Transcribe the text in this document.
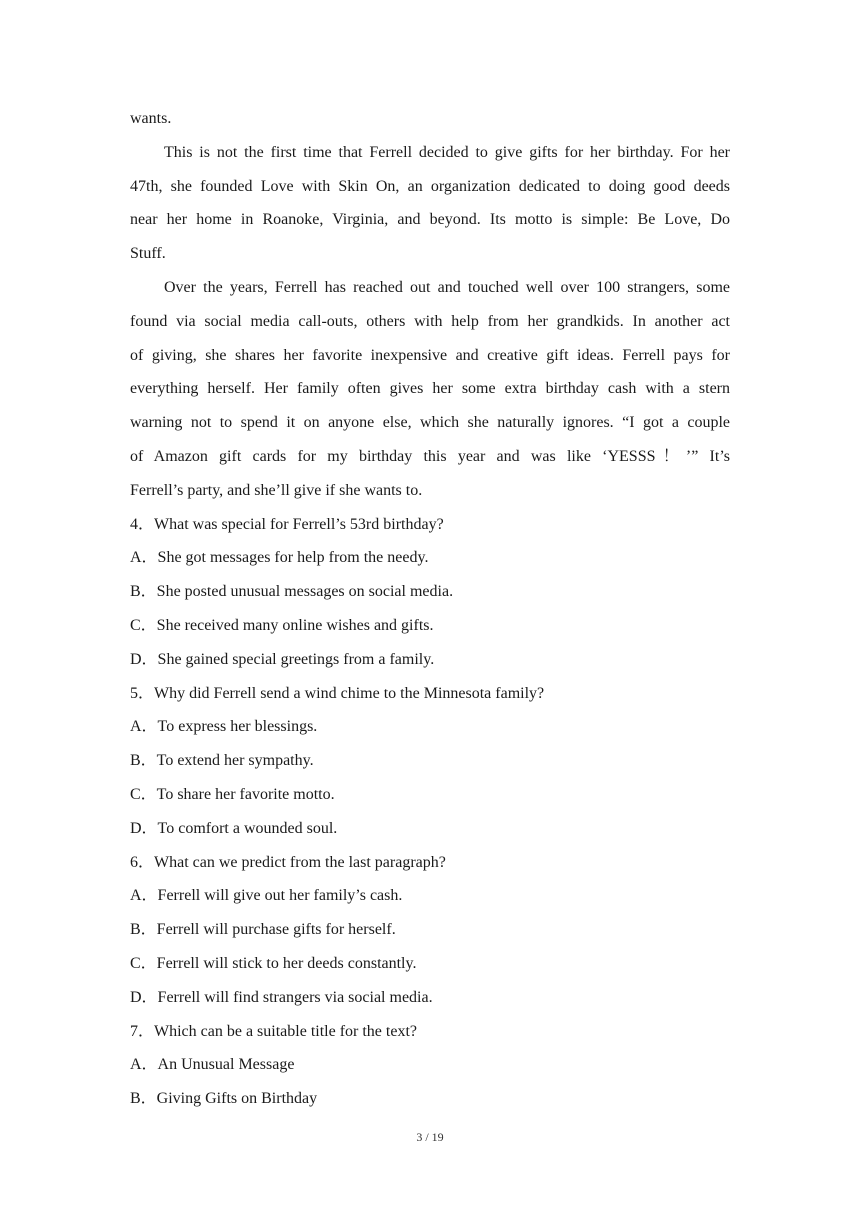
wants.

This is not the first time that Ferrell decided to give gifts for her birthday. For her

47th, she founded Love with Skin On, an organization dedicated to doing good deeds

near her home in Roanoke, Virginia, and beyond. Its motto is simple: Be Love, Do

Stuff.

Over the years, Ferrell has reached out and touched well over 100 strangers, some

found via social media call-outs, others with help from her grandkids. In another act

of giving, she shares her favorite inexpensive and creative gift ideas. Ferrell pays for

everything herself. Her family often gives her some extra birthday cash with a stern

warning not to spend it on anyone else, which she naturally ignores. “I got a couple

of Amazon gift cards for my birthday this year and was like ‘YESSS！’” It’s

Ferrell’s party, and she’ll give if she wants to.

4．What was special for Ferrell’s 53rd birthday?

A．She got messages for help from the needy.

B．She posted unusual messages on social media.

C．She received many online wishes and gifts.

D．She gained special greetings from a family.

5．Why did Ferrell send a wind chime to the Minnesota family?

A．To express her blessings.

B．To extend her sympathy.

C．To share her favorite motto.

D．To comfort a wounded soul.

6．What can we predict from the last paragraph?

A．Ferrell will give out her family’s cash.

B．Ferrell will purchase gifts for herself.

C．Ferrell will stick to her deeds constantly.

D．Ferrell will find strangers via social media.

7．Which can be a suitable title for the text?

A．An Unusual Message

B．Giving Gifts on Birthday

3 / 19
